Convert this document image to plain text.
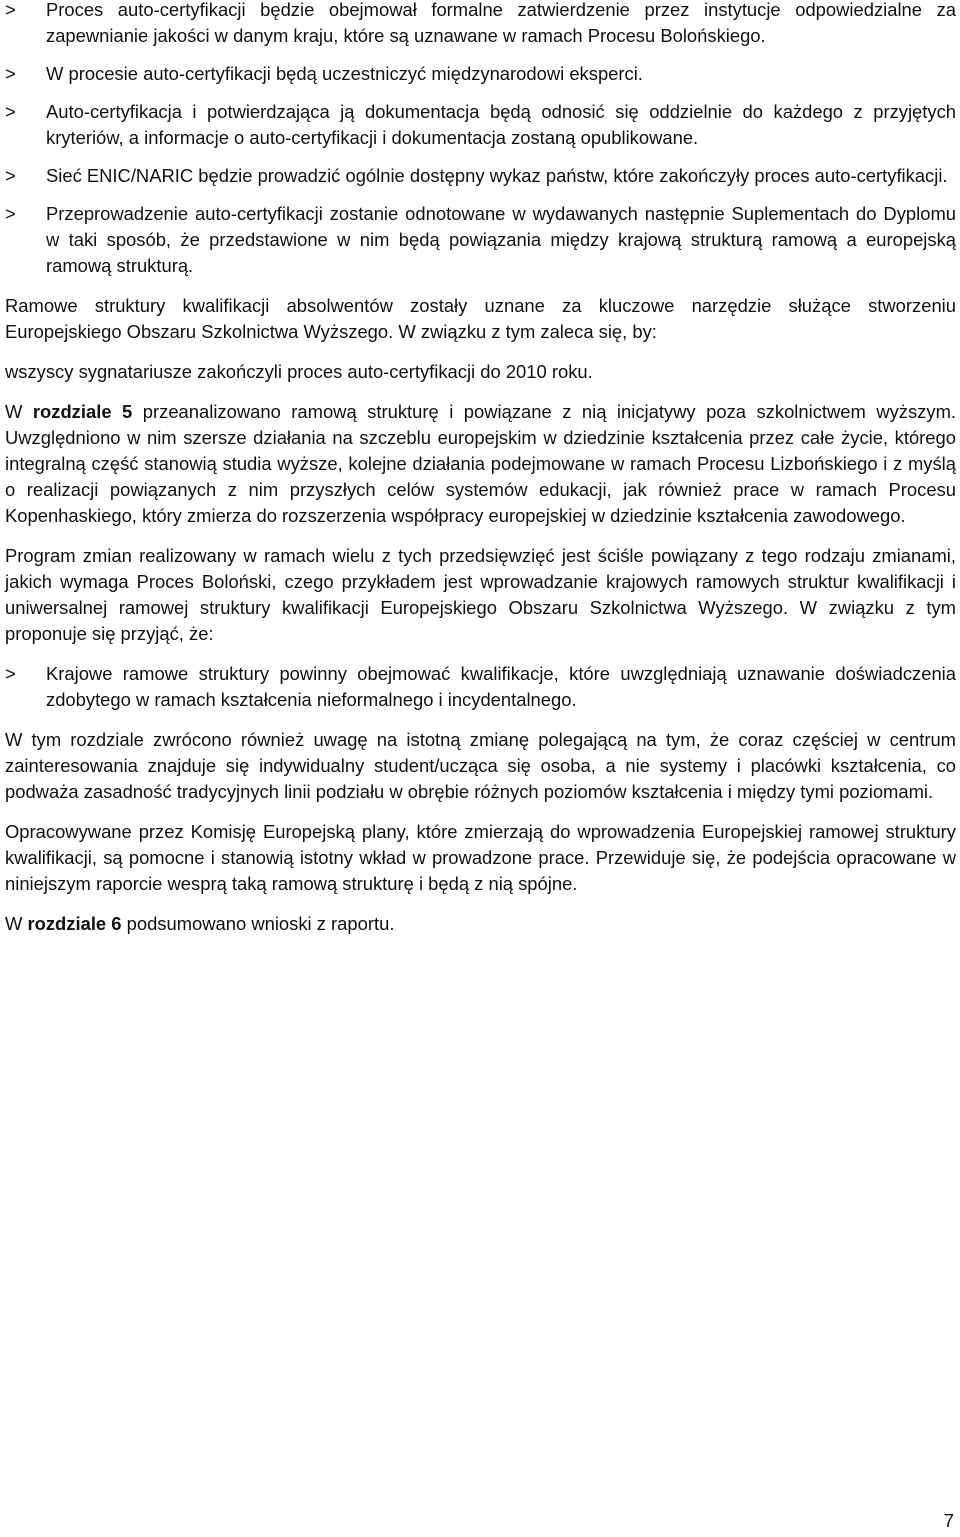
> Proces auto-certyfikacji będzie obejmował formalne zatwierdzenie przez instytucje odpowiedzialne za zapewnianie jakości w danym kraju, które są uznawane w ramach Procesu Bolońskiego.
> W procesie auto-certyfikacji będą uczestniczyć międzynarodowi eksperci.
> Auto-certyfikacja i potwierdzająca ją dokumentacja będą odnosić się oddzielnie do każdego z przyjętych kryteriów, a informacje o auto-certyfikacji i dokumentacja zostaną opublikowane.
> Sieć ENIC/NARIC będzie prowadzić ogólnie dostępny wykaz państw, które zakończyły proces auto-certyfikacji.
> Przeprowadzenie auto-certyfikacji zostanie odnotowane w wydawanych następnie Suplementach do Dyplomu w taki sposób, że przedstawione w nim będą powiązania między krajową strukturą ramową a europejską ramową strukturą.

Ramowe struktury kwalifikacji absolwentów zostały uznane za kluczowe narzędzie służące stworzeniu Europejskiego Obszaru Szkolnictwa Wyższego. W związku z tym zaleca się, by:

wszyscy sygnatariusze zakończyli proces auto-certyfikacji do 2010 roku.

W rozdziale 5 przeanalizowano ramową strukturę i powiązane z nią inicjatywy poza szkolnictwem wyższym. Uwzględniono w nim szersze działania na szczeblu europejskim w dziedzinie kształcenia przez całe życie, którego integralną część stanowią studia wyższe, kolejne działania podejmowane w ramach Procesu Lizbońskiego i z myślą o realizacji powiązanych z nim przyszłych celów systemów edukacji, jak również prace w ramach Procesu Kopenhaskiego, który zmierza do rozszerzenia współpracy europejskiej w dziedzinie kształcenia zawodowego.

Program zmian realizowany w ramach wielu z tych przedsięwzięć jest ściśle powiązany z tego rodzaju zmianami, jakich wymaga Proces Boloński, czego przykładem jest wprowadzanie krajowych ramowych struktur kwalifikacji i uniwersalnej ramowej struktury kwalifikacji Europejskiego Obszaru Szkolnictwa Wyższego. W związku z tym proponuje się przyjąć, że:

> Krajowe ramowe struktury powinny obejmować kwalifikacje, które uwzględniają uznawanie doświadczenia zdobytego w ramach kształcenia nieformalnego i incydentalnego.

W tym rozdziale zwrócono również uwagę na istotną zmianę polegającą na tym, że coraz częściej w centrum zainteresowania znajduje się indywidualny student/ucząca się osoba, a nie systemy i placówki kształcenia, co podważa zasadność tradycyjnych linii podziału w obrębie różnych poziomów kształcenia i między tymi poziomami.

Opracowywane przez Komisję Europejską plany, które zmierzają do wprowadzenia Europejskiej ramowej struktury kwalifikacji, są pomocne i stanowią istotny wkład w prowadzone prace. Przewiduje się, że podejścia opracowane w niniejszym raporcie wesprą taką ramową strukturę i będą z nią spójne.

W rozdziale 6 podsumowano wnioski z raportu.

7
